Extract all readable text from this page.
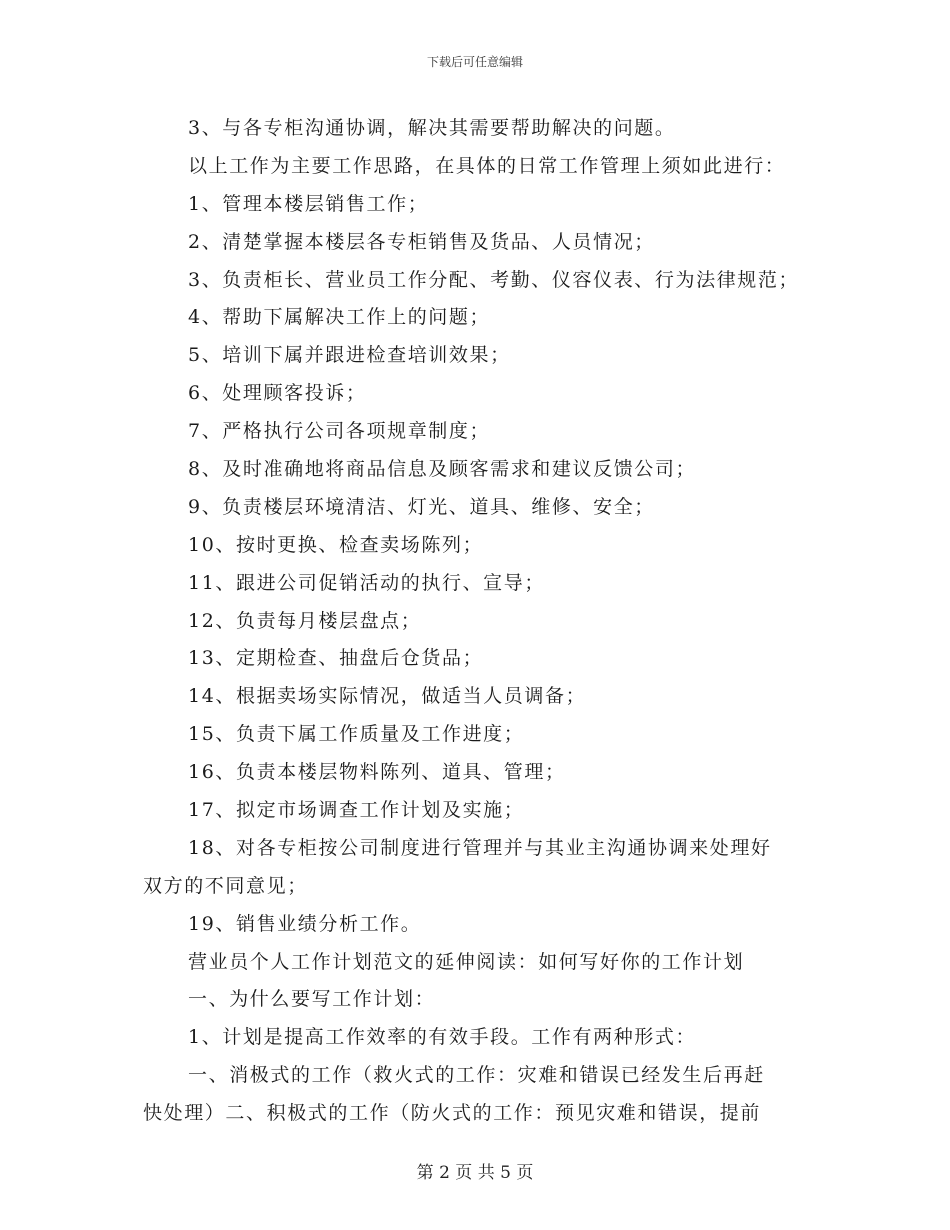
下载后可任意编辑
3、与各专柜沟通协调，解决其需要帮助解决的问题。
以上工作为主要工作思路，在具体的日常工作管理上须如此进行：
1、管理本楼层销售工作；
2、清楚掌握本楼层各专柜销售及货品、人员情况；
3、负责柜长、营业员工作分配、考勤、仪容仪表、行为法律规范；
4、帮助下属解决工作上的问题；
5、培训下属并跟进检查培训效果；
6、处理顾客投诉；
7、严格执行公司各项规章制度；
8、及时准确地将商品信息及顾客需求和建议反馈公司；
9、负责楼层环境清洁、灯光、道具、维修、安全；
10、按时更换、检查卖场陈列；
11、跟进公司促销活动的执行、宣导；
12、负责每月楼层盘点；
13、定期检查、抽盘后仓货品；
14、根据卖场实际情况，做适当人员调备；
15、负责下属工作质量及工作进度；
16、负责本楼层物料陈列、道具、管理；
17、拟定市场调查工作计划及实施；
18、对各专柜按公司制度进行管理并与其业主沟通协调来处理好
双方的不同意见；
19、销售业绩分析工作。
营业员个人工作计划范文的延伸阅读：如何写好你的工作计划
一、为什么要写工作计划：
1、计划是提高工作效率的有效手段。工作有两种形式：
一、消极式的工作（救火式的工作：灾难和错误已经发生后再赶
快处理）二、积极式的工作（防火式的工作：预见灾难和错误，提前
第 2 页 共 5 页
